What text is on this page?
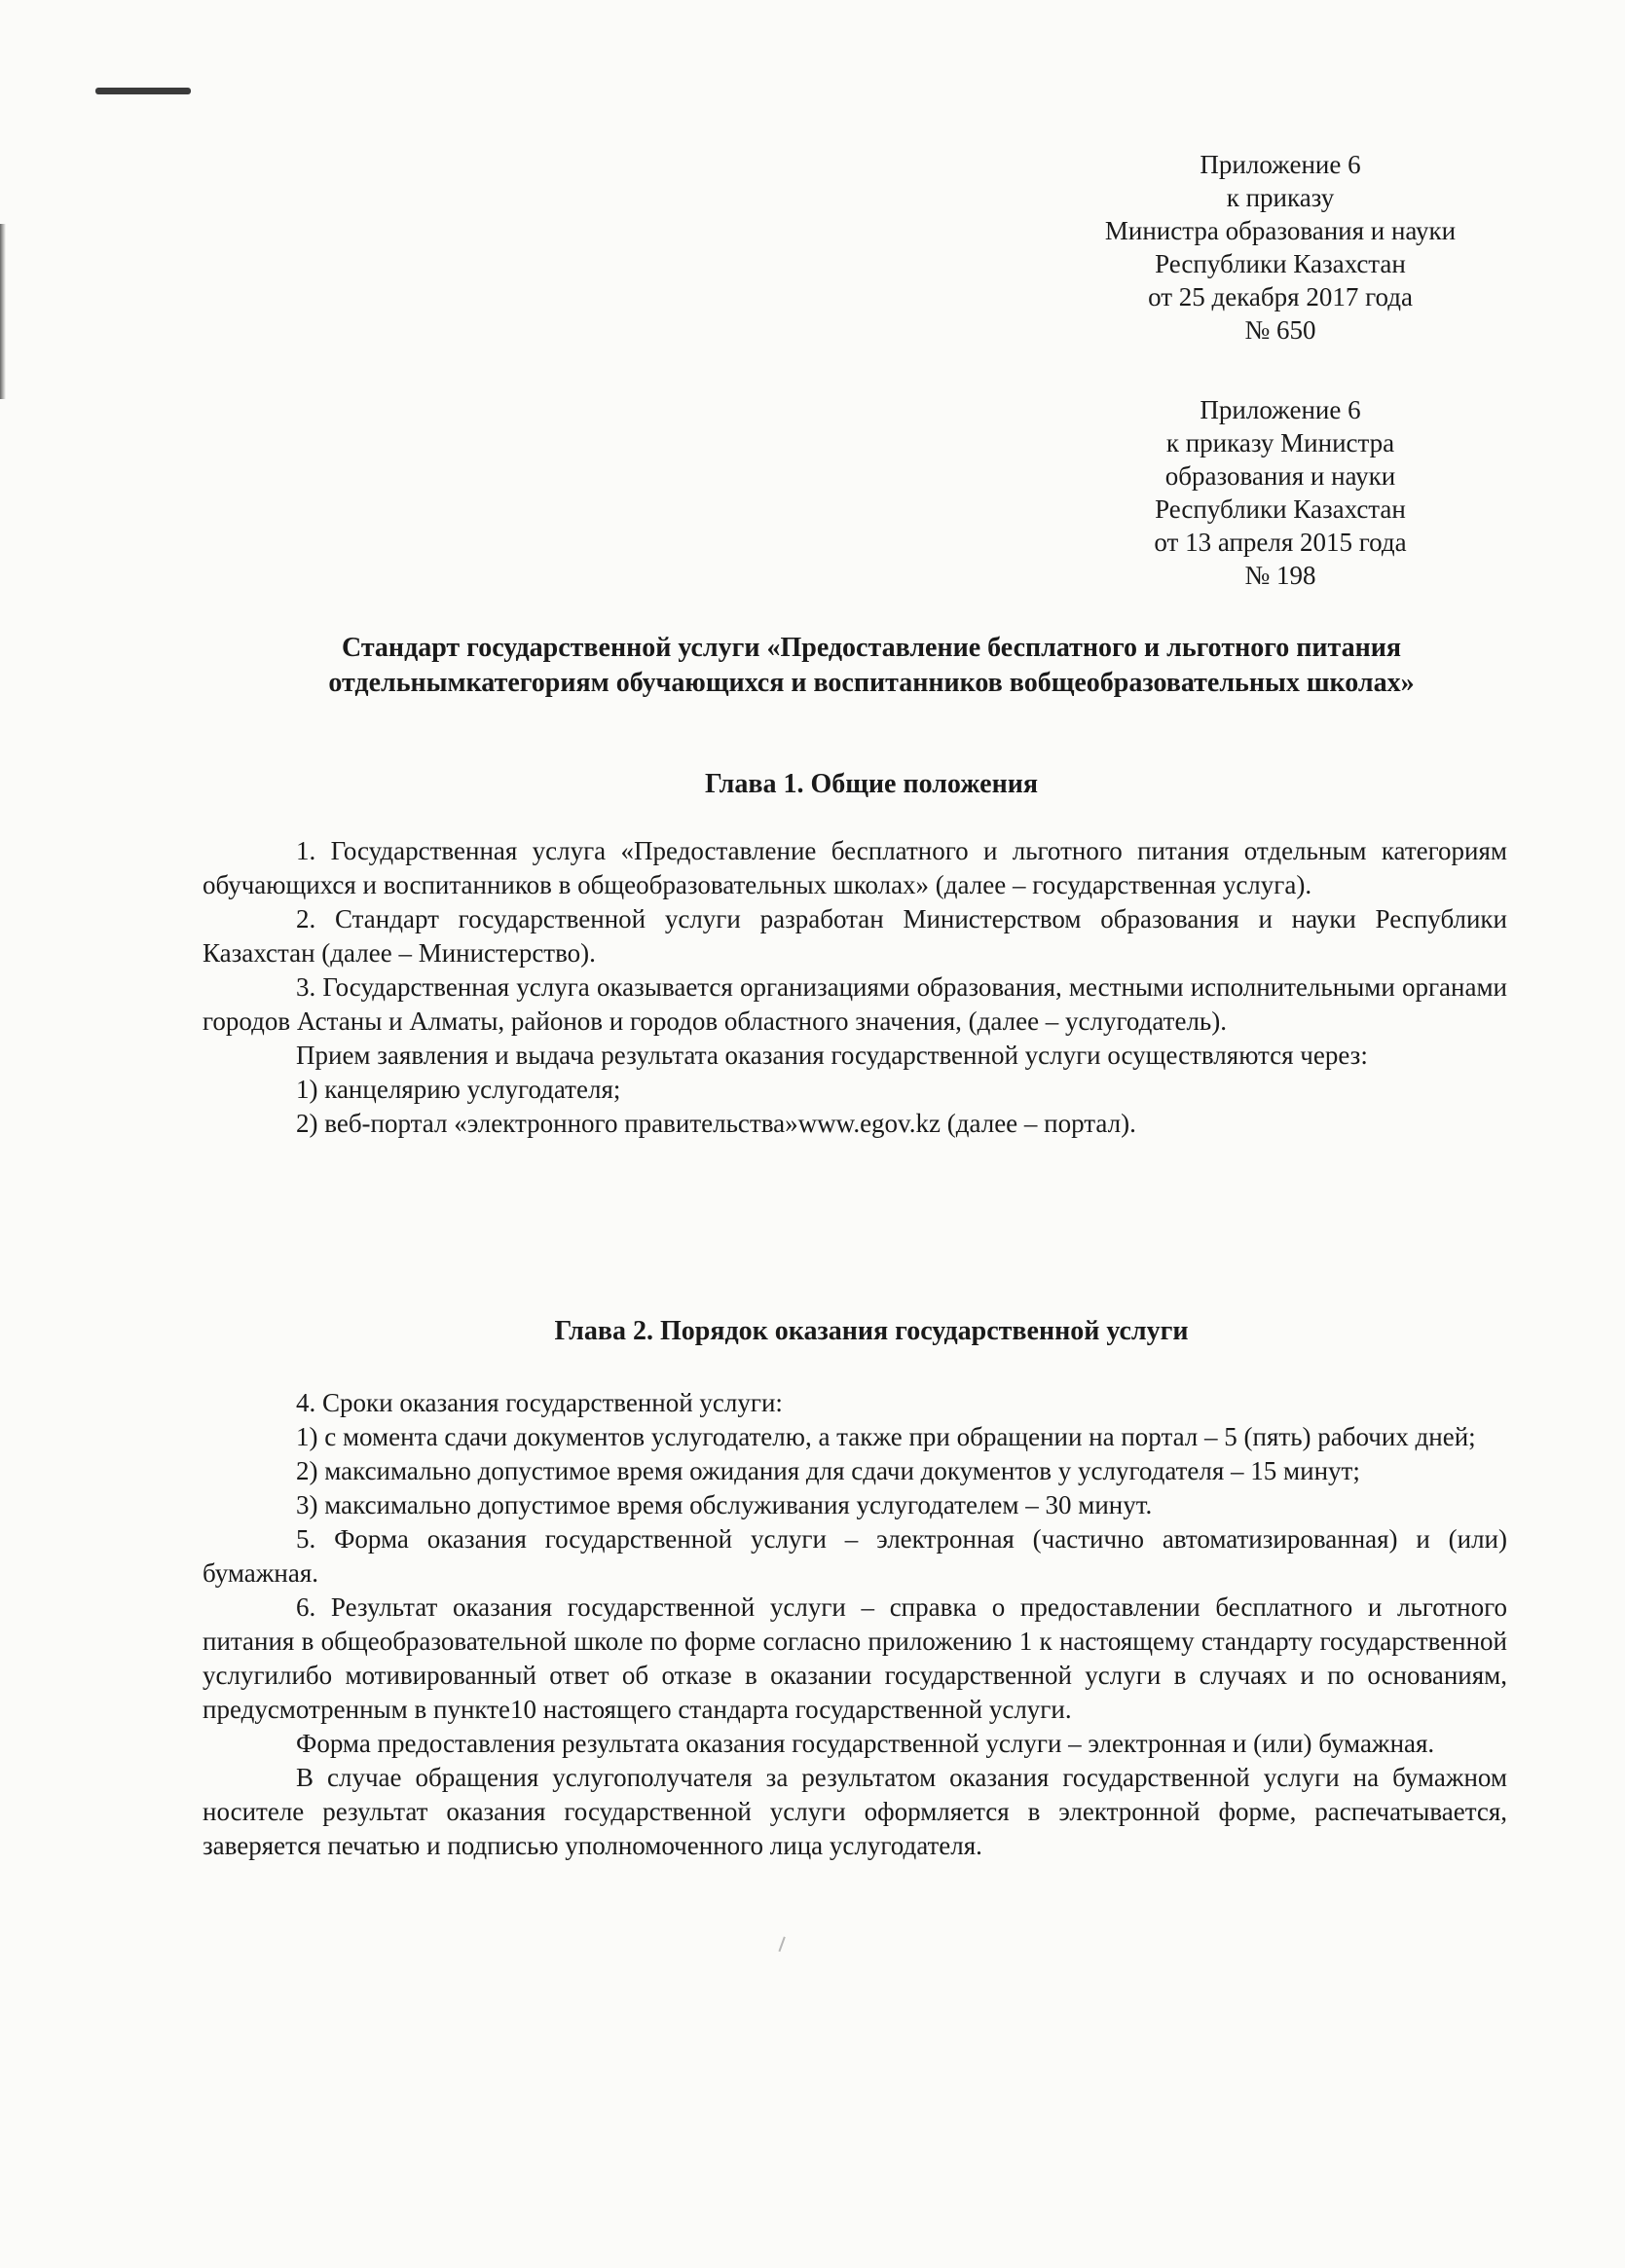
Приложение 6
к приказу
Министра образования и науки
Республики Казахстан
от 25 декабря 2017 года
№ 650
Приложение 6
к приказу Министра
образования и науки
Республики Казахстан
от 13 апреля 2015 года
№ 198
Стандарт государственной услуги «Предоставление бесплатного и льготного питания
отдельнымкатегориям обучающихся и воспитанников вобщеобразовательных школах»
Глава 1. Общие положения

1. Государственная услуга «Предоставление бесплатного и льготного питания отдельным категориям обучающихся и воспитанников в общеобразовательных школах» (далее – государственная услуга).

2. Стандарт государственной услуги разработан Министерством образования и науки Республики Казахстан (далее – Министерство).

3. Государственная услуга оказывается организациями образования, местными исполнительными органами городов Астаны и Алматы, районов и городов областного значения, (далее – услугодатель).

Прием заявления и выдача результата оказания государственной услуги осуществляются через:

1) канцелярию услугодателя;

2) веб-портал «электронного правительства»www.egov.kz (далее – портал).

Глава 2. Порядок оказания государственной услуги

4. Сроки оказания государственной услуги:

1) с момента сдачи документов услугодателю, а также при обращении на портал – 5 (пять) рабочих дней;

2) максимально допустимое время ожидания для сдачи документов у услугодателя – 15 минут;

3) максимально допустимое время обслуживания услугодателем – 30 минут.

5. Форма оказания государственной услуги – электронная (частично автоматизированная) и (или) бумажная.

6. Результат оказания государственной услуги – справка о предоставлении бесплатного и льготного питания в общеобразовательной школе по форме согласно приложению 1 к настоящему стандарту государственной услугилибо мотивированный ответ об отказе в оказании государственной услуги в случаях и по основаниям, предусмотренным в пункте10 настоящего стандарта государственной услуги.

Форма предоставления результата оказания государственной услуги – электронная и (или) бумажная.

В случае обращения услугополучателя за результатом оказания государственной услуги на бумажном носителе результат оказания государственной услуги оформляется в электронной форме, распечатывается, заверяется печатью и подписью уполномоченного лица услугодателя.
